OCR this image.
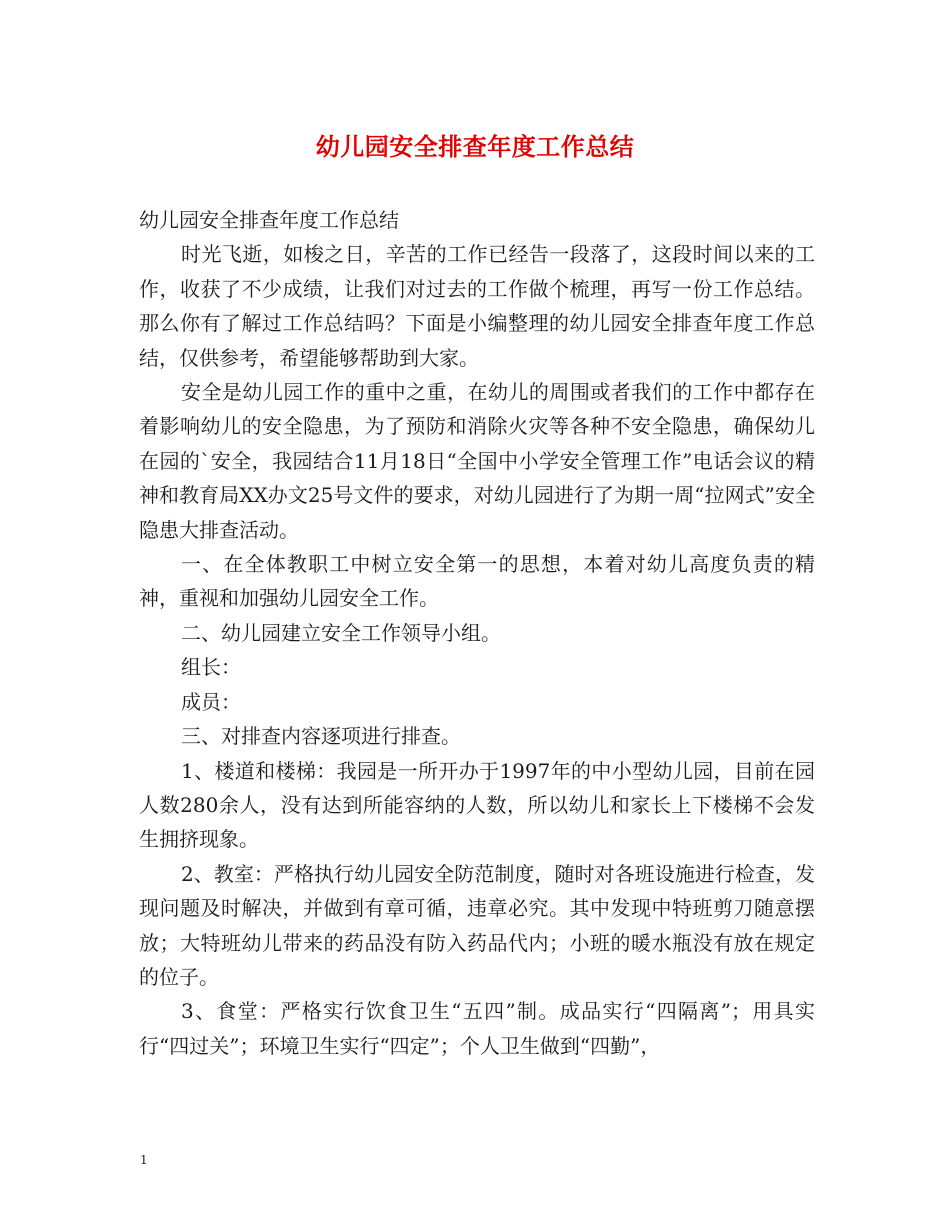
幼儿园安全排查年度工作总结

幼儿园安全排查年度工作总结

时光飞逝，如梭之日，辛苦的工作已经告一段落了，这段时间以来的工作，收获了不少成绩，让我们对过去的工作做个梳理，再写一份工作总结。那么你有了解过工作总结吗？下面是小编整理的幼儿园安全排查年度工作总结，仅供参考，希望能够帮助到大家。

安全是幼儿园工作的重中之重，在幼儿的周围或者我们的工作中都存在着影响幼儿的安全隐患，为了预防和消除火灾等各种不安全隐患，确保幼儿在园的`安全，我园结合11月18日“全国中小学安全管理工作”电话会议的精神和教育局XX办文25号文件的要求，对幼儿园进行了为期一周“拉网式”安全隐患大排查活动。

一、在全体教职工中树立安全第一的思想，本着对幼儿高度负责的精神，重视和加强幼儿园安全工作。

二、幼儿园建立安全工作领导小组。

组长：

成员：

三、对排查内容逐项进行排查。

1、楼道和楼梯：我园是一所开办于1997年的中小型幼儿园，目前在园人数280余人，没有达到所能容纳的人数，所以幼儿和家长上下楼梯不会发生拥挤现象。

2、教室：严格执行幼儿园安全防范制度，随时对各班设施进行检查，发现问题及时解决，并做到有章可循，违章必究。其中发现中特班剪刀随意摆放；大特班幼儿带来的药品没有防入药品代内；小班的暖水瓶没有放在规定的位子。

3、食堂：严格实行饮食卫生“五四”制。成品实行“四隔离”；用具实行“四过关”；环境卫生实行“四定”；个人卫生做到“四勤”，

1
